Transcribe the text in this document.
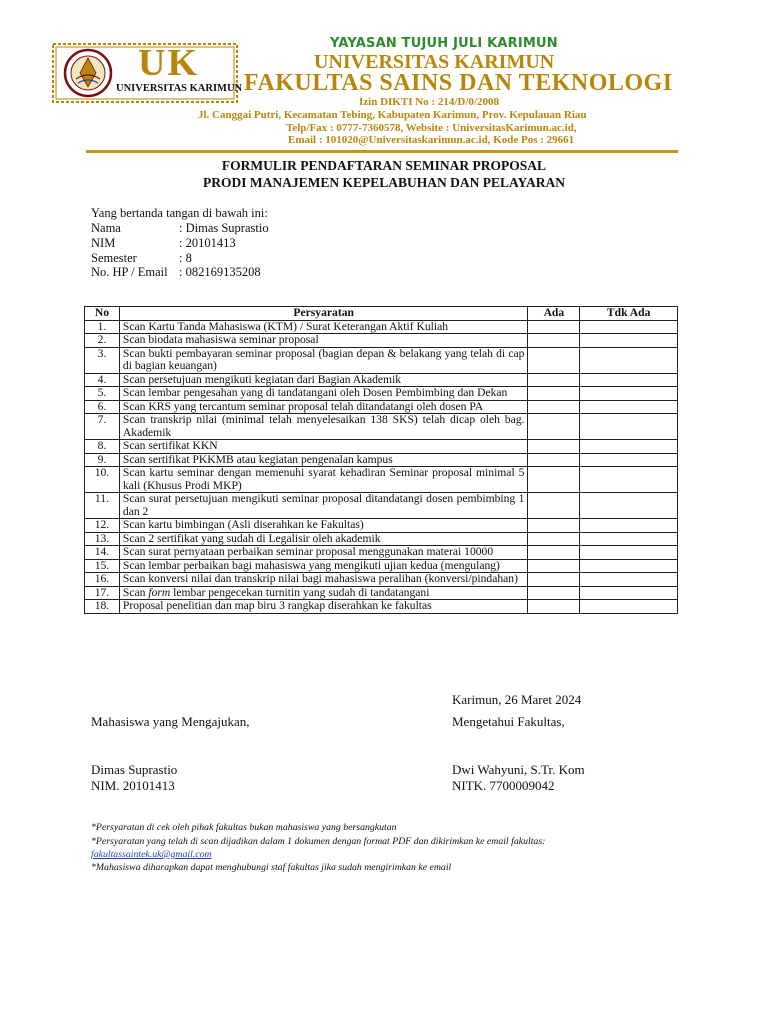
UK
UNIVERSITAS KARIMUN
YAYASAN TUJUH JULI KARIMUN
UNIVERSITAS KARIMUN
FAKULTAS SAINS DAN TEKNOLOGI
Izin DIKTI No : 214/D/0/2008
Jl. Canggai Putri, Kecamatan Tebing, Kabupaten Karimun, Prov. Kepulauan Riau
Telp/Fax : 0777-7360578, Website : UniversitasKarimun.ac.id,
Email : 101020@Universitaskarimun.ac.id, Kode Pos : 29661
FORMULIR PENDAFTARAN SEMINAR PROPOSAL
PRODI MANAJEMEN KEPELABUHAN DAN PELAYARAN
Yang bertanda tangan di bawah ini:
Nama	: Dimas Suprastio
NIM	: 20101413
Semester	: 8
No. HP / Email : 082169135208
No	Persyaratan	Ada	Tdk Ada
1.	Scan Kartu Tanda Mahasiswa (KTM) / Surat Keterangan Aktif Kuliah		
2.	Scan biodata mahasiswa seminar proposal		
3.	Scan bukti pembayaran seminar proposal (bagian depan & belakang yang telah di cap di bagian keuangan)		
4.	Scan persetujuan mengikuti kegiatan dari Bagian Akademik		
5.	Scan lembar pengesahan yang di tandatangani oleh Dosen Pembimbing dan Dekan		
6.	Scan KRS yang tercantum seminar proposal telah ditandatangi oleh dosen PA		
7.	Scan transkrip nilai (minimal telah menyelesaikan 138 SKS) telah dicap oleh bag. Akademik		
8.	Scan sertifikat KKN		
9.	Scan sertifikat PKKMB atau kegiatan pengenalan kampus		
10.	Scan kartu seminar dengan memenuhi syarat kehadiran Seminar proposal minimal 5 kali (Khusus Prodi MKP)		
11.	Scan surat persetujuan mengikuti seminar proposal ditandatangi dosen pembimbing 1 dan 2		
12.	Scan kartu bimbingan (Asli diserahkan ke Fakultas)		
13.	Scan 2 sertifikat yang sudah di Legalisir oleh akademik		
14.	Scan surat pernyataan perbaikan seminar proposal menggunakan materai 10000		
15.	Scan lembar perbaikan bagi mahasiswa yang mengikuti ujian kedua (mengulang)		
16.	Scan konversi nilai dan transkrip nilai bagi mahasiswa peralihan (konversi/pindahan)		
17.	Scan form lembar pengecekan turnitin yang sudah di tandatangani		
18.	Proposal penelitian dan map biru 3 rangkap diserahkan ke fakultas		
Karimun, 26 Maret 2024
Mahasiswa yang Mengajukan,	Mengetahui Fakultas,
Dimas Suprastio
NIM. 20101413
Dwi Wahyuni, S.Tr. Kom
NITK. 7700009042
*Persyaratan di cek oleh pihak fakultas bukan mahasiswa yang bersangkutan
*Persyaratan yang telah di scan dijadikan dalam 1 dokumen dengan format PDF dan dikirimkan ke email fakultas:
fakultassaintek.uk@gmail.com
*Mahasiswa diharapkan dapat menghubungi staf fakultas jika sudah mengirimkan ke email
